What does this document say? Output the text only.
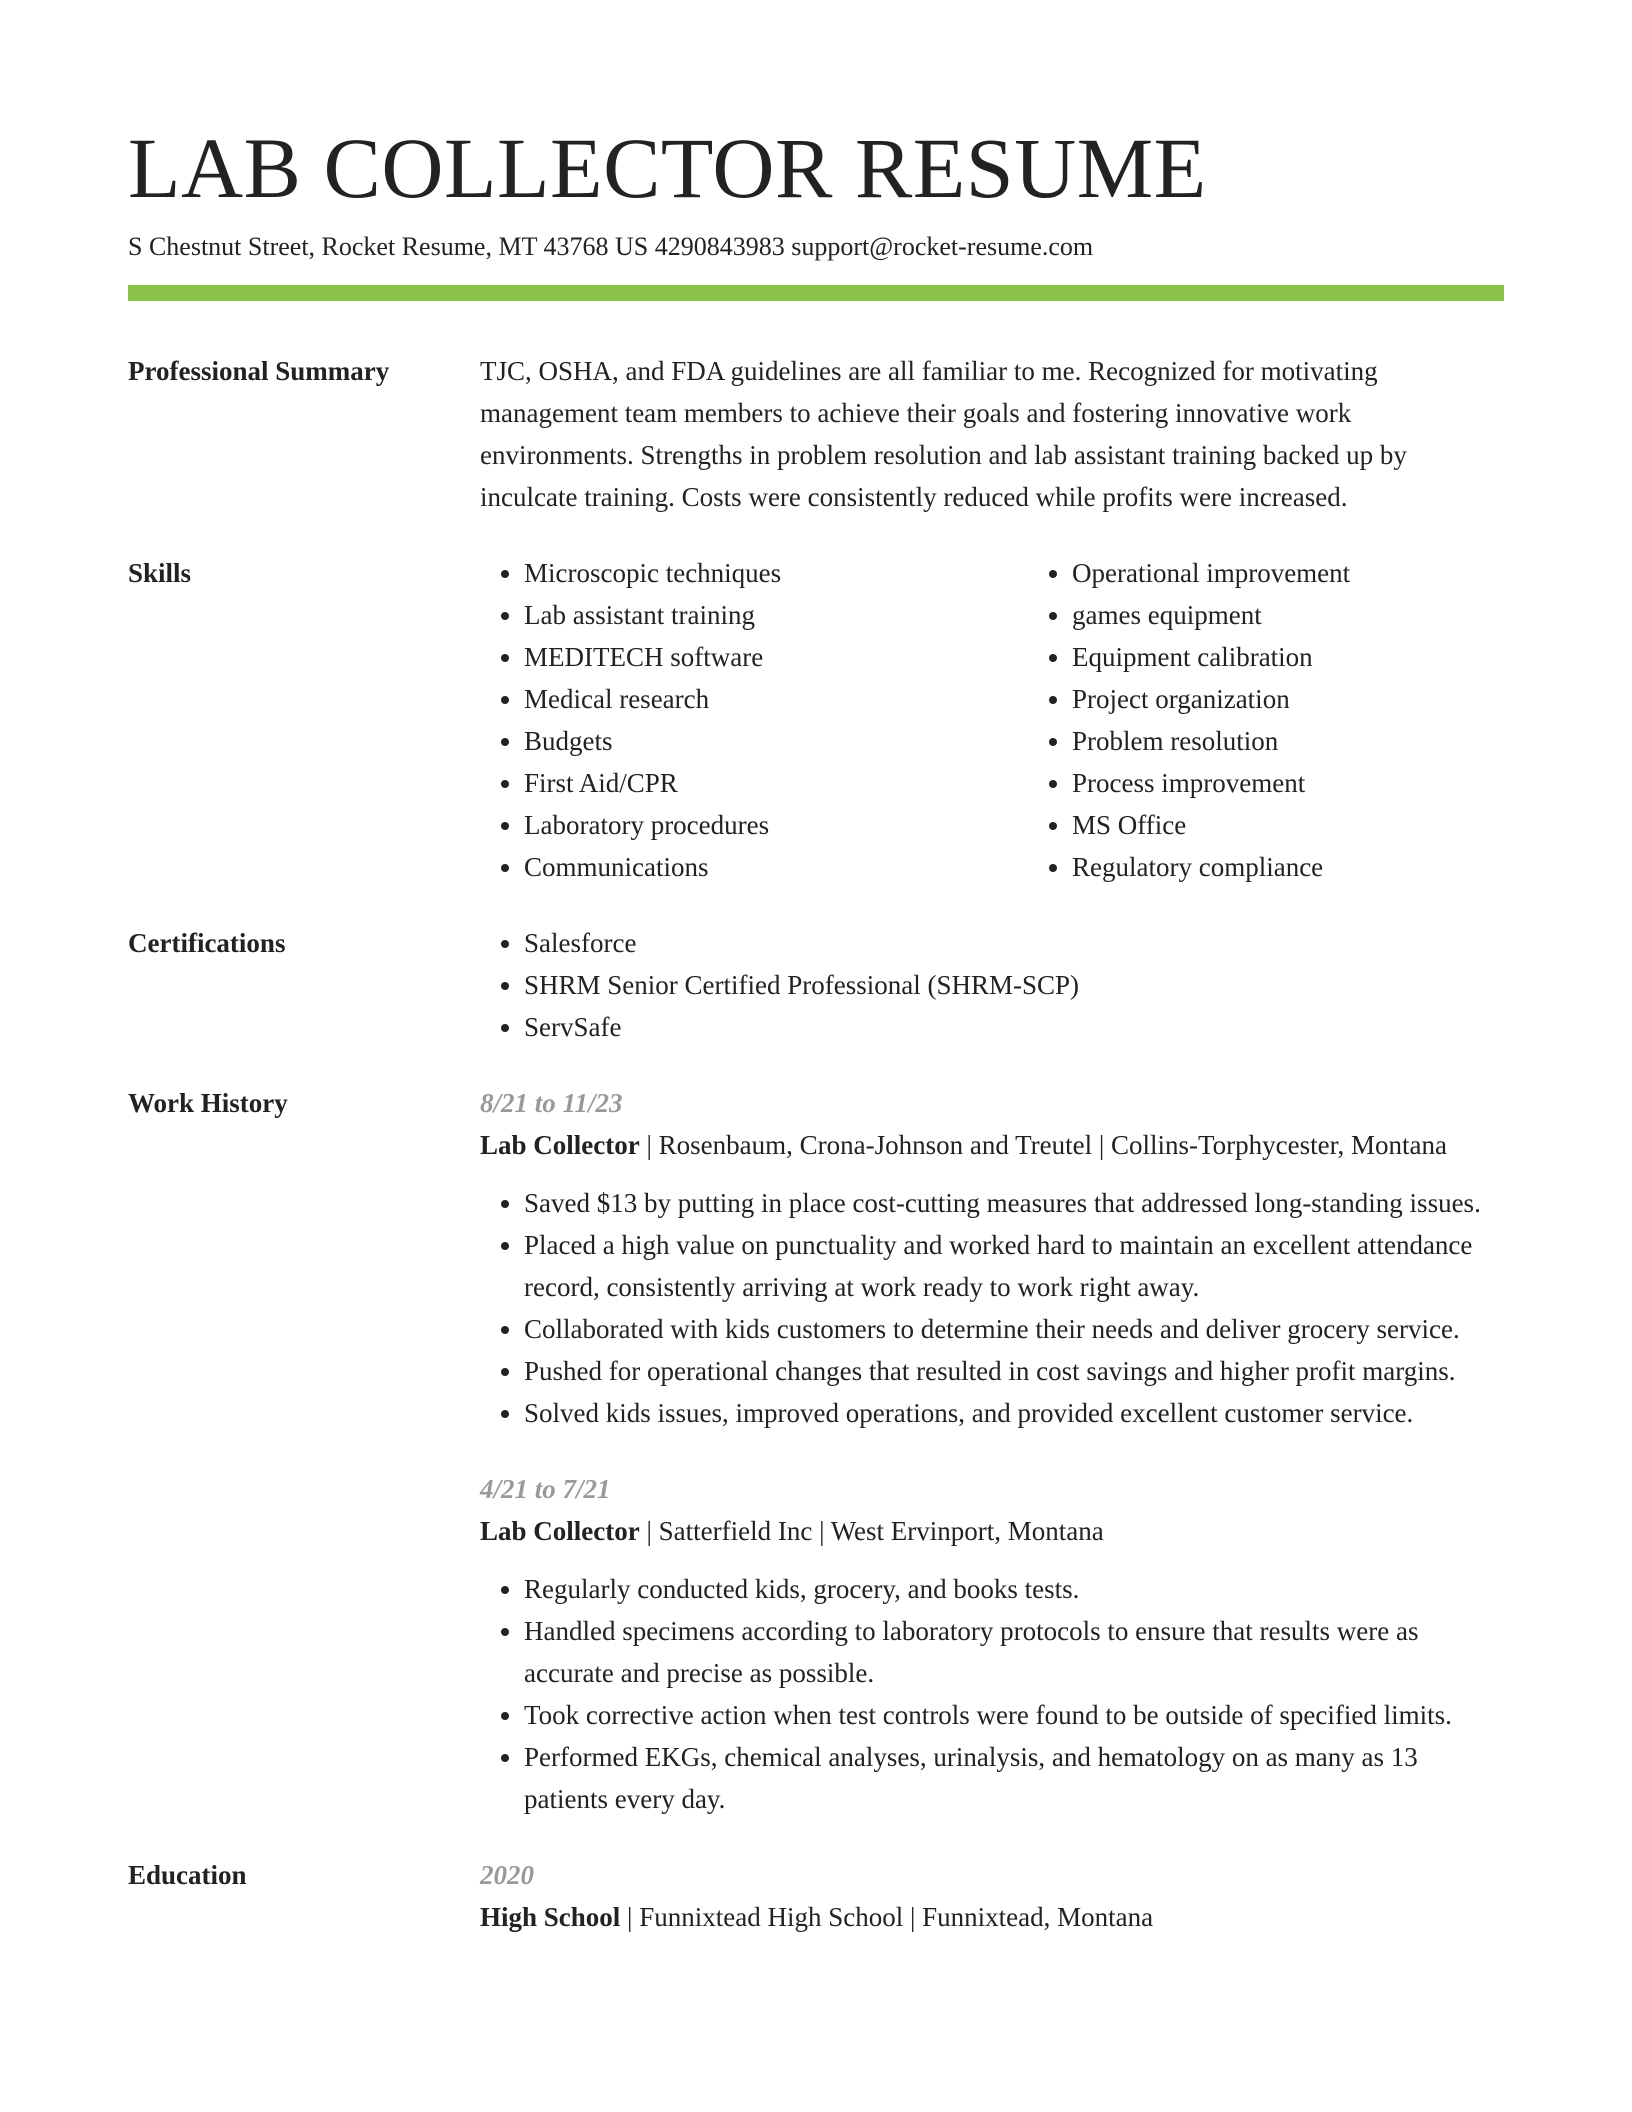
LAB COLLECTOR RESUME
S Chestnut Street, Rocket Resume, MT 43768 US 4290843983 support@rocket-resume.com
Professional Summary	TJC, OSHA, and FDA guidelines are all familiar to me. Recognized for motivating management team members to achieve their goals and fostering innovative work environments. Strengths in problem resolution and lab assistant training backed up by inculcate training. Costs were consistently reduced while profits were increased.

Skills	• Microscopic techniques
• Lab assistant training
• MEDITECH software
• Medical research
• Budgets
• First Aid/CPR
• Laboratory procedures
• Communications
• Operational improvement
• games equipment
• Equipment calibration
• Project organization
• Problem resolution
• Process improvement
• MS Office
• Regulatory compliance
Certifications	• Salesforce
• SHRM Senior Certified Professional (SHRM-SCP)
• ServSafe
Work History	8/21 to 11/23
Lab Collector | Rosenbaum, Crona-Johnson and Treutel | Collins-Torphycester, Montana
• Saved $13 by putting in place cost-cutting measures that addressed long-standing issues.
• Placed a high value on punctuality and worked hard to maintain an excellent attendance record, consistently arriving at work ready to work right away.
• Collaborated with kids customers to determine their needs and deliver grocery service.
• Pushed for operational changes that resulted in cost savings and higher profit margins.
• Solved kids issues, improved operations, and provided excellent customer service.
4/21 to 7/21
Lab Collector | Satterfield Inc | West Ervinport, Montana
• Regularly conducted kids, grocery, and books tests.
• Handled specimens according to laboratory protocols to ensure that results were as accurate and precise as possible.
• Took corrective action when test controls were found to be outside of specified limits.
• Performed EKGs, chemical analyses, urinalysis, and hematology on as many as 13 patients every day.
Education	2020
High School | Funnixtead High School | Funnixtead, Montana
